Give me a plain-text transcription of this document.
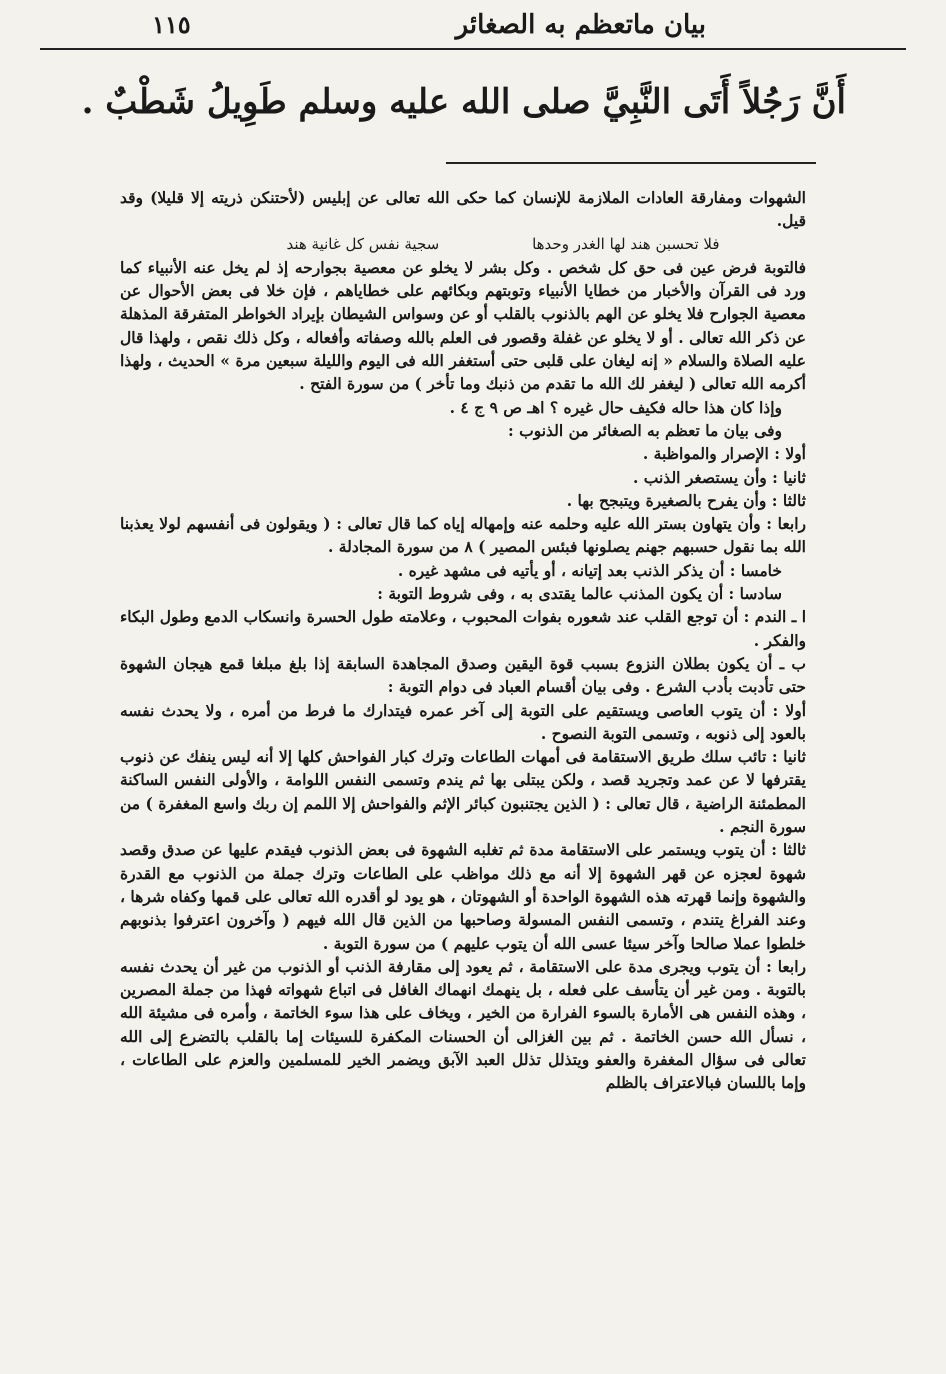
بيان ماتعظم به الصغائر
١١٥
أَنَّ رَجُلاً أَتَى النَّبِيَّ صلى الله عليه وسلم طَوِيلُ شَطْبٌ .

الشهوات ومفارقة العادات الملازمة للإنسان كما حكى الله تعالى عن إبليس (لأحتنكن ذريته إلا قليلا) وقد قيل.

فلا تحسبن هند لها الغدر وحدها
سجية نفس كل غانية هند

فالتوبة فرض عين فى حق كل شخص . وكل بشر لا يخلو عن معصية بجوارحه إذ لم يخل عنه الأنبياء كما ورد فى القرآن والأخبار من خطايا الأنبياء وتوبتهم وبكائهم على خطاياهم ، فإن خلا فى بعض الأحوال عن معصية الجوارح فلا يخلو عن الهم بالذنوب بالقلب أو عن وسواس الشيطان بإيراد الخواطر المتفرقة المذهلة عن ذكر الله تعالى . أو لا يخلو عن غفلة وقصور فى العلم بالله وصفاته وأفعاله ، وكل ذلك نقص ، ولهذا قال عليه الصلاة والسلام « إنه ليغان على قلبى حتى أستغفر الله فى اليوم والليلة سبعين مرة » الحديث ، ولهذا أكرمه الله تعالى ( ليغفر لك الله ما تقدم من ذنبك وما تأخر ) من سورة الفتح .

وإذا كان هذا حاله فكيف حال غيره ؟ اهـ ص ٩ ج ٤ .

وفى بيان ما تعظم به الصغائر من الذنوب :

أولا : الإصرار والمواظبة .

ثانيا : وأن يستصغر الذنب .

ثالثا : وأن يفرح بالصغيرة ويتبجح بها .

رابعا : وأن يتهاون بستر الله عليه وحلمه عنه وإمهاله إياه كما قال تعالى : ( ويقولون فى أنفسهم لولا يعذبنا الله بما نقول حسبهم جهنم يصلونها فبئس المصير ) ٨ من سورة المجادلة .

خامسا : أن يذكر الذنب بعد إتيانه ، أو يأتيه فى مشهد غيره .

سادسا : أن يكون المذنب عالما يقتدى به ، وفى شروط التوبة :

ا ـ الندم : أن توجع القلب عند شعوره بفوات المحبوب ، وعلامته طول الحسرة وانسكاب الدمع وطول البكاء والفكر .

ب ـ أن يكون بطلان النزوع بسبب قوة اليقين وصدق المجاهدة السابقة إذا بلغ مبلغا قمع هيجان الشهوة حتى تأدبت بأدب الشرع . وفى بيان أقسام العباد فى دوام التوبة :

أولا : أن يتوب العاصى ويستقيم على التوبة إلى آخر عمره فيتدارك ما فرط من أمره ، ولا يحدث نفسه بالعود إلى ذنوبه ، وتسمى التوبة النصوح .

ثانيا : تائب سلك طريق الاستقامة فى أمهات الطاعات وترك كبار الفواحش كلها إلا أنه ليس ينفك عن ذنوب يقترفها لا عن عمد وتجريد قصد ، ولكن يبتلى بها ثم يندم وتسمى النفس اللوامة ، والأولى النفس الساكنة المطمئنة الراضية ، قال تعالى : ( الذين يجتنبون كبائر الإثم والفواحش إلا اللمم إن ربك واسع المغفرة ) من سورة النجم .

ثالثا : أن يتوب ويستمر على الاستقامة مدة ثم تغلبه الشهوة فى بعض الذنوب فيقدم عليها عن صدق وقصد شهوة لعجزه عن قهر الشهوة إلا أنه مع ذلك مواظب على الطاعات وترك جملة من الذنوب مع القدرة والشهوة وإنما قهرته هذه الشهوة الواحدة أو الشهوتان ، هو يود لو أقدره الله تعالى على قمها وكفاه شرها ، وعند الفراغ يتندم ، وتسمى النفس المسولة وصاحبها من الذين قال الله فيهم ( وآخرون اعترفوا بذنوبهم خلطوا عملا صالحا وآخر سيئا عسى الله أن يتوب عليهم ) من سورة التوبة .

رابعا : أن يتوب ويجرى مدة على الاستقامة ، ثم يعود إلى مقارفة الذنب أو الذنوب من غير أن يحدث نفسه بالتوبة . ومن غير أن يتأسف على فعله ، بل ينهمك انهماك الغافل فى اتباع شهواته فهذا من جملة المصرين ، وهذه النفس هى الأمارة بالسوء الفرارة من الخير ، ويخاف على هذا سوء الخاتمة ، وأمره فى مشيئة الله ، نسأل الله حسن الخاتمة . ثم بين الغزالى أن الحسنات المكفرة للسيئات إما بالقلب بالتضرع إلى الله تعالى فى سؤال المغفرة والعفو ويتذلل تذلل العبد الآبق ويضمر الخير للمسلمين والعزم على الطاعات ، وإما باللسان فبالاعتراف بالظلم
